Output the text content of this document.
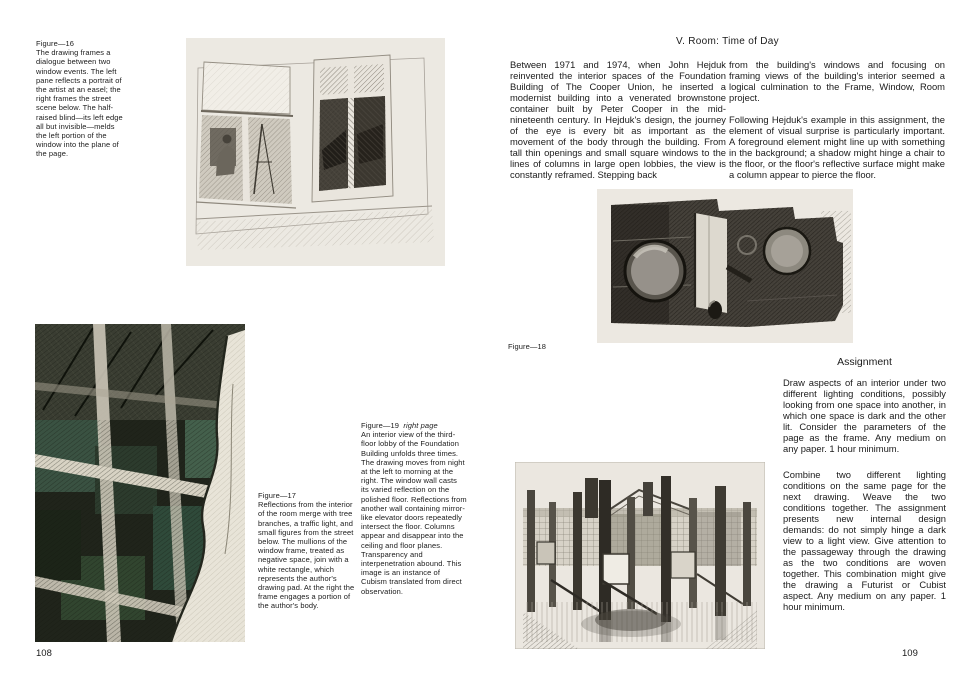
Figure—16
The drawing frames a dialogue between two window events. The left pane reflects a portrait of the artist at an easel; the right frames the street scene below. The half-raised blind—its left edge all but invisible—melds the left portion of the window into the plane of the page.
Figure—17
Reflections from the interior of the room merge with tree branches, a traffic light, and small figures from the street below. The mullions of the window frame, treated as negative space, join with a white rectangle, which represents the author's drawing pad. At the right the frame engages a portion of the author's body.
Figure—19 right page
An interior view of the third-floor lobby of the Foundation Building unfolds three times. The drawing moves from night at the left to morning at the right. The window wall casts its varied reflection on the polished floor. Reflections from another wall containing mirror-like elevator doors repeatedly intersect the floor. Columns appear and disappear into the ceiling and floor planes. Transparency and interpenetration abound. This image is an instance of Cubism translated from direct observation.
108
V. Room: Time of Day

Between 1971 and 1974, when John Hejduk reinvented the interior spaces of the Foundation Building of The Cooper Union, he inserted a modernist building into a venerated brownstone container built by Peter Cooper in the mid-nineteenth century. In Hejduk's design, the journey of the eye is every bit as important as the movement of the body through the building. From tall thin openings and small square windows to the lines of columns in large open lobbies, the view is constantly reframed. Stepping back

from the building's windows and focusing on framing views of the building's interior seemed a logical culmination to the Frame, Window, Room project.

Following Hejduk's example in this assignment, the element of visual surprise is particularly important. A foreground element might line up with something in the background; a shadow might hinge a chair to the floor, or the floor's reflective surface might make a column appear to pierce the floor.

Figure—18
Assignment

Draw aspects of an interior under two different lighting conditions, possibly looking from one space into another, in which one space is dark and the other lit. Consider the parameters of the page as the frame. Any medium on any paper. 1 hour minimum.

Combine two different lighting conditions on the same page for the next drawing. Weave the two conditions together. The assignment presents new internal design demands: do not simply hinge a dark view to a light view. Give attention to the passageway through the drawing as the two conditions are woven together. This combination might give the drawing a Futurist or Cubist aspect. Any medium on any paper. 1 hour minimum.

109
